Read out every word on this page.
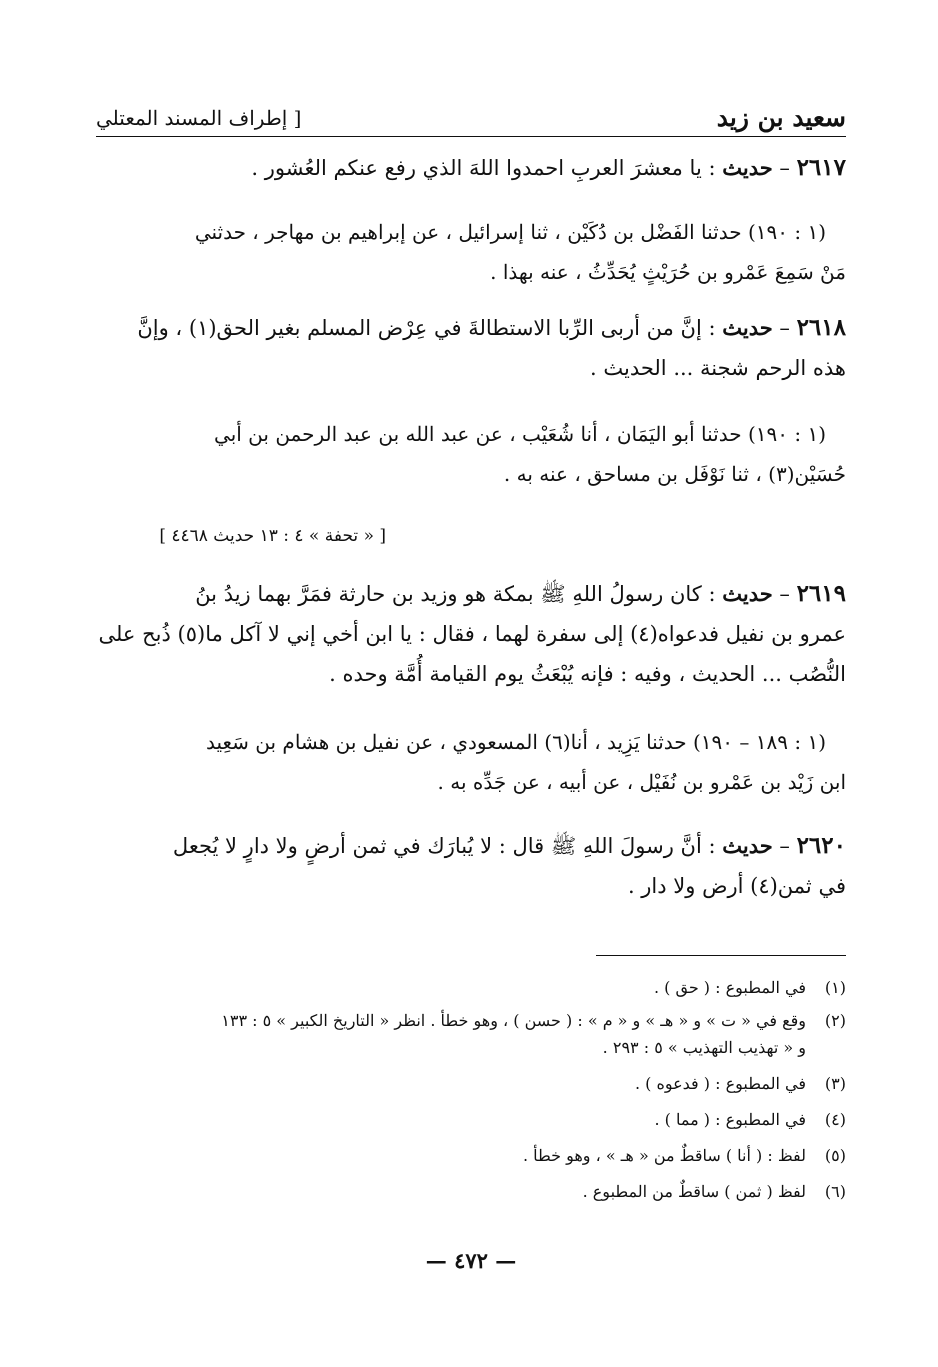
سعيد بن زيد
[ إطراف المسند المعتلي
٢٦١٧ – حديث : يا معشرَ العربِ احمدوا اللهَ الذي رفع عنكم العُشور .
(١ : ١٩٠) حدثنا الفَضْل بن دُكَيْن ، ثنا إسرائيل ، عن إبراهيم بن مهاجر ، حدثني
مَنْ سَمِعَ عَمْرو بن حُرَيْثٍ يُحَدِّثُ ، عنه بهذا .
٢٦١٨ – حديث : إنَّ من أربى الرِّبا الاستطالةَ في عِرْض المسلم بغير الحق(١) ، وإنَّ
هذه الرحم شجنة ... الحديث .
(١ : ١٩٠) حدثنا أبو اليَمَان ، أنا شُعَيْب ، عن عبد الله بن عبد الرحمن بن أبي
حُسَيْن(٣) ، ثنا نَوْفَل بن مساحق ، عنه به .
[ « تحفة » ٤ : ١٣ حديث ٤٤٦٨ ]
٢٦١٩ – حديث : كان رسولُ اللهِ ﷺ بمكة هو وزيد بن حارثة فمَرَّ بهما زيدُ بنُ
عمرو بن نفيل فدعواه(٤) إلى سفرة لهما ، فقال : يا ابن أخي إني لا آكل ما(٥) ذُبح على
النُّصُب ... الحديث ، وفيه : فإنه يُبْعَثُ يوم القيامة أُمَّة وحده .
(١ : ١٨٩ – ١٩٠) حدثنا يَزِيد ، أنا(٦) المسعودي ، عن نفيل بن هشام بن سَعِيد
ابن زَيْد بن عَمْرو بن نُفَيْل ، عن أبيه ، عن جَدِّه به .
٢٦٢٠ – حديث : أنَّ رسولَ اللهِ ﷺ قال : لا يُبارَك في ثمن أرضٍ ولا دارٍ لا يُجعل
في ثمن(٤) أرض ولا دار .
(١)في المطبوع : ( حق ) .
(٢)وقع في « ت » و « هـ » و « م » : ( حسن ) ، وهو خطأ . انظر « التاريخ الكبير » ٥ : ١٣٣
و « تهذيب التهذيب » ٥ : ٢٩٣ .
(٣)في المطبوع : ( فدعوه ) .
(٤)في المطبوع : ( مما ) .
(٥)لفظ : ( أنا ) ساقطٌ من « هـ » ، وهو خطأ .
(٦)لفظ ( ثمن ) ساقطٌ من المطبوع .
— ٤٧٢ —
